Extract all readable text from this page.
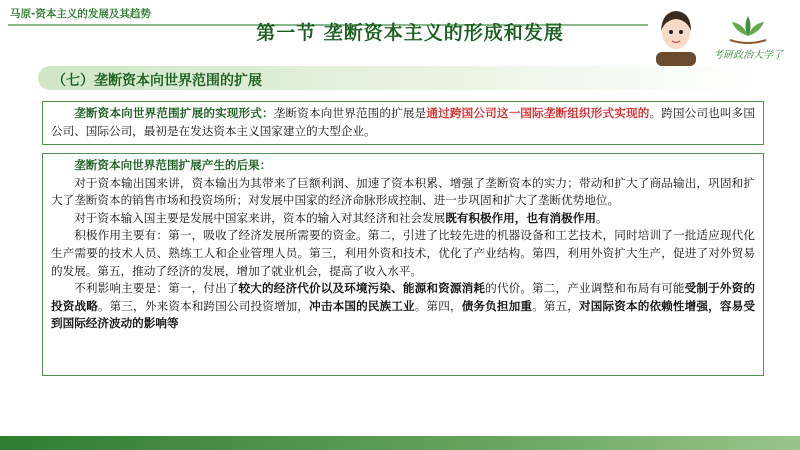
马原-资本主义的发展及其趋势
第一节 垄断资本主义的形成和发展
考研政治大学了
（七）垄断资本向世界范围的扩展
垄断资本向世界范围扩展的实现形式：垄断资本向世界范围的扩展是通过跨国公司这一国际垄断组织形式实现的。跨国公司也叫多国公司、国际公司，最初是在发达资本主义国家建立的大型企业。
垄断资本向世界范围扩展产生的后果：
对于资本输出国来讲，资本输出为其带来了巨额利润、加速了资本积累、增强了垄断资本的实力；带动和扩大了商品输出，巩固和扩大了垄断资本的销售市场和投资场所；对发展中国家的经济命脉形成控制、进一步巩固和扩大了垄断优势地位。
对于资本输入国主要是发展中国家来讲，资本的输入对其经济和社会发展既有积极作用，也有消极作用。
积极作用主要有：第一，吸收了经济发展所需要的资金。第二，引进了比较先进的机器设备和工艺技术，同时培训了一批适应现代化生产需要的技术人员、熟练工人和企业管理人员。第三，利用外资和技术，优化了产业结构。第四，利用外资扩大生产，促进了对外贸易的发展。第五，推动了经济的发展，增加了就业机会，提高了收入水平。
不利影响主要是：第一，付出了较大的经济代价以及环境污染、能源和资源消耗的代价。第二，产业调整和布局有可能受制于外资的投资战略。第三，外来资本和跨国公司投资增加，冲击本国的民族工业。第四，债务负担加重。第五，对国际资本的依赖性增强，容易受到国际经济波动的影响等
